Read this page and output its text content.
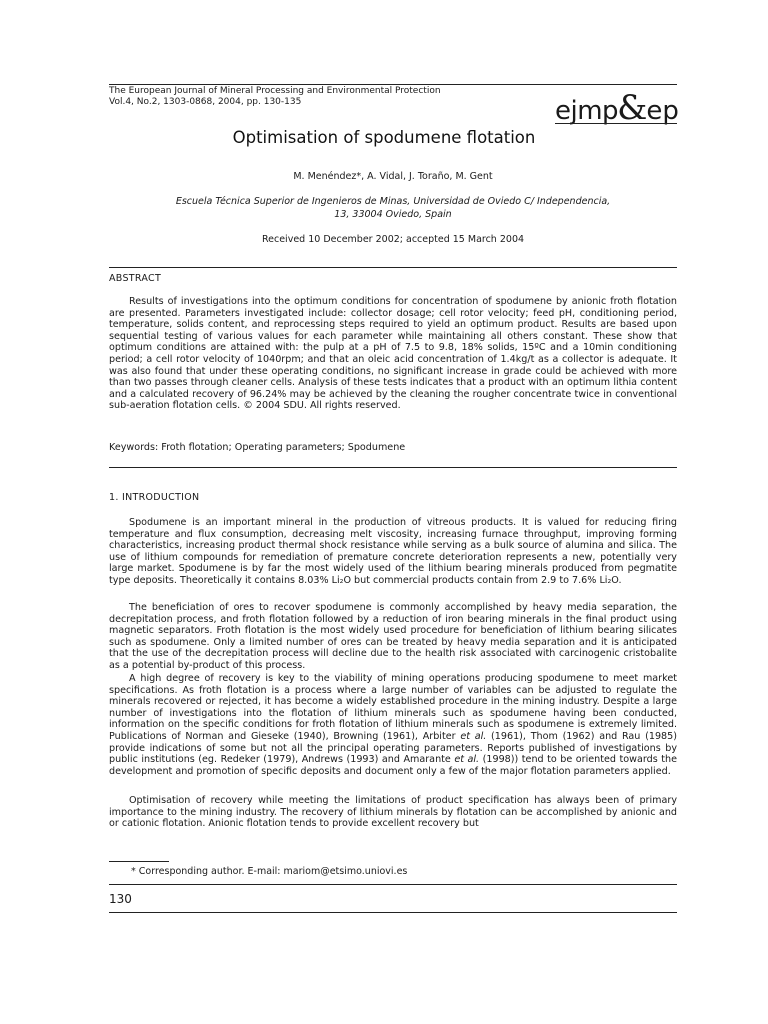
The European Journal of Mineral Processing and Environmental Protection
Vol.4, No.2, 1303-0868, 2004, pp. 130-135	ejmp&ep
Optimisation of spodumene flotation
M. Menéndez*, A. Vidal, J. Toraño, M. Gent
Escuela Técnica Superior de Ingenieros de Minas, Universidad de Oviedo C/ Independencia,
13, 33004 Oviedo, Spain
Received 10 December 2002; accepted 15 March 2004
ABSTRACT

Results of investigations into the optimum conditions for concentration of spodumene by anionic froth flotation are presented. Parameters investigated include: collector dosage; cell rotor velocity; feed pH, conditioning period, temperature, solids content, and reprocessing steps required to yield an optimum product. Results are based upon sequential testing of various values for each parameter while maintaining all others constant. These show that optimum conditions are attained with: the pulp at a pH of 7.5 to 9.8, 18% solids, 15ºC and a 10min conditioning period; a cell rotor velocity of 1040rpm; and that an oleic acid concentration of 1.4kg/t as a collector is adequate. It was also found that under these operating conditions, no significant increase in grade could be achieved with more than two passes through cleaner cells. Analysis of these tests indicates that a product with an optimum lithia content and a calculated recovery of 96.24% may be achieved by the cleaning the rougher concentrate twice in conventional sub-aeration flotation cells. © 2004 SDU. All rights reserved.

Keywords: Froth flotation; Operating parameters; Spodumene

1. INTRODUCTION

Spodumene is an important mineral in the production of vitreous products. It is valued for reducing firing temperature and flux consumption, decreasing melt viscosity, increasing furnace throughput, improving forming characteristics, increasing product thermal shock resistance while serving as a bulk source of alumina and silica. The use of lithium compounds for remediation of premature concrete deterioration represents a new, potentially very large market. Spodumene is by far the most widely used of the lithium bearing minerals produced from pegmatite type deposits. Theoretically it contains 8.03% Li₂O but commercial products contain from 2.9 to 7.6% Li₂O.

The beneficiation of ores to recover spodumene is commonly accomplished by heavy media separation, the decrepitation process, and froth flotation followed by a reduction of iron bearing minerals in the final product using magnetic separators. Froth flotation is the most widely used procedure for beneficiation of lithium bearing silicates such as spodumene. Only a limited number of ores can be treated by heavy media separation and it is anticipated that the use of the decrepitation process will decline due to the health risk associated with carcinogenic cristobalite as a potential by-product of this process.

A high degree of recovery is key to the viability of mining operations producing spodumene to meet market specifications. As froth flotation is a process where a large number of variables can be adjusted to regulate the minerals recovered or rejected, it has become a widely established procedure in the mining industry. Despite a large number of investigations into the flotation of lithium minerals such as spodumene having been conducted, information on the specific conditions for froth flotation of lithium minerals such as spodumene is extremely limited. Publications of Norman and Gieseke (1940), Browning (1961), Arbiter et al. (1961), Thom (1962) and Rau (1985) provide indications of some but not all the principal operating parameters. Reports published of investigations by public institutions (eg. Redeker (1979), Andrews (1993) and Amarante et al. (1998)) tend to be oriented towards the development and promotion of specific deposits and document only a few of the major flotation parameters applied.

Optimisation of recovery while meeting the limitations of product specification has always been of primary importance to the mining industry. The recovery of lithium minerals by flotation can be accomplished by anionic and or cationic flotation. Anionic flotation tends to provide excellent recovery but

* Corresponding author. E-mail: mariom@etsimo.uniovi.es
130
